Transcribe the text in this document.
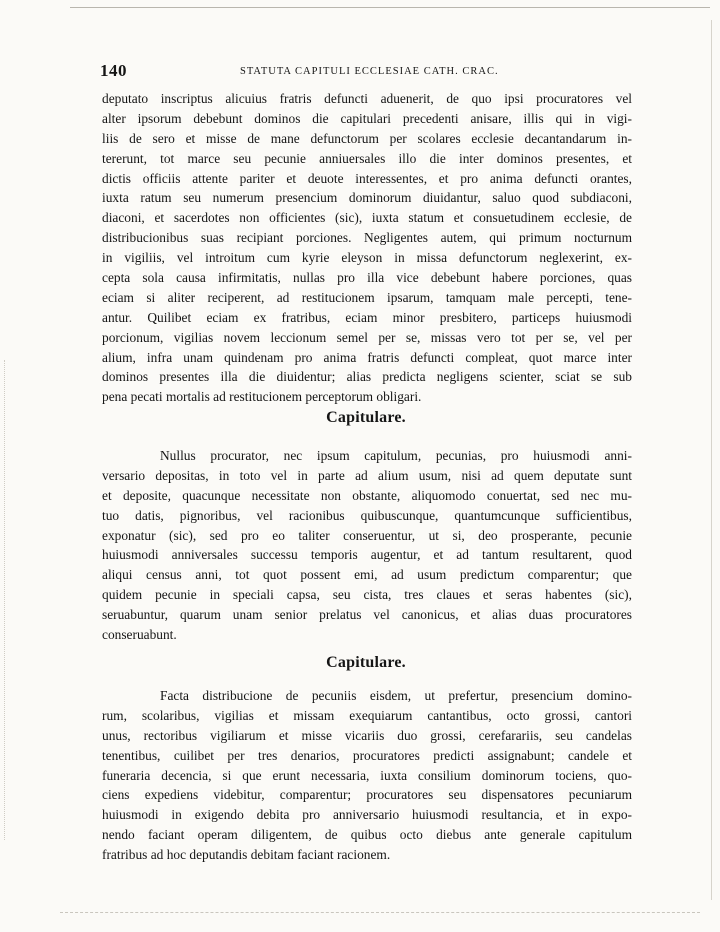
140	STATUTA CAPITULI ECCLESIAE CATH. CRAC.
deputato inscriptus alicuius fratris defuncti aduenerit, de quo ipsi procuratores vel
alter ipsorum debebunt dominos die capitulari precedenti anisare, illis qui in vigi-
liis de sero et misse de mane defunctorum per scolares ecclesie decantandarum in-
tererunt, tot marce seu pecunie anniuersales illo die inter dominos presentes, et
dictis officiis attente pariter et deuote interessentes, et pro anima defuncti orantes,
iuxta ratum seu numerum presencium dominorum diuidantur, saluo quod subdiaconi,
diaconi, et sacerdotes non officientes (sic), iuxta statum et consuetudinem ecclesie, de
distribucionibus suas recipiant porciones. Negligentes autem, qui primum nocturnum
in vigiliis, vel introitum cum kyrie eleyson in missa defunctorum neglexerint, ex-
cepta sola causa infirmitatis, nullas pro illa vice debebunt habere porciones, quas
eciam si aliter reciperent, ad restitucionem ipsarum, tamquam male percepti, tene-
antur. Quilibet eciam ex fratribus, eciam minor presbitero, particeps huiusmodi
porcionum, vigilias novem leccionum semel per se, missas vero tot per se, vel per
alium, infra unam quindenam pro anima fratris defuncti compleat, quot marce inter
dominos presentes illa die diuidentur; alias predicta negligens scienter, sciat se sub
pena pecati mortalis ad restitucionem perceptorum obligari.
Capitulare.
Nullus procurator, nec ipsum capitulum, pecunias, pro huiusmodi anni-
versario depositas, in toto vel in parte ad alium usum, nisi ad quem deputate sunt
et deposite, quacunque necessitate non obstante, aliquomodo conuertat, sed nec mu-
tuo datis, pignoribus, vel racionibus quibuscunque, quantumcunque sufficientibus,
exponatur (sic), sed pro eo taliter conseruentur, ut si, deo prosperante, pecunie
huiusmodi anniversales successu temporis augentur, et ad tantum resultarent, quod
aliqui census anni, tot quot possent emi, ad usum predictum comparentur; que
quidem pecunie in speciali capsa, seu cista, tres claues et seras habentes (sic),
seruabuntur, quarum unam senior prelatus vel canonicus, et alias duas procuratores
conseruabunt.
Capitulare.
Facta distribucione de pecuniis eisdem, ut prefertur, presencium domino-
rum, scolaribus, vigilias et missam exequiarum cantantibus, octo grossi, cantori
unus, rectoribus vigiliarum et misse vicariis duo grossi, cerefarariis, seu candelas
tenentibus, cuilibet per tres denarios, procuratores predicti assignabunt; candele et
funeraria decencia, si que erunt necessaria, iuxta consilium dominorum tociens, quo-
ciens expediens videbitur, comparentur; procuratores seu dispensatores pecuniarum
huiusmodi in exigendo debita pro anniversario huiusmodi resultancia, et in expo-
nendo faciant operam diligentem, de quibus octo diebus ante generale capitulum
fratribus ad hoc deputandis debitam faciant racionem.
